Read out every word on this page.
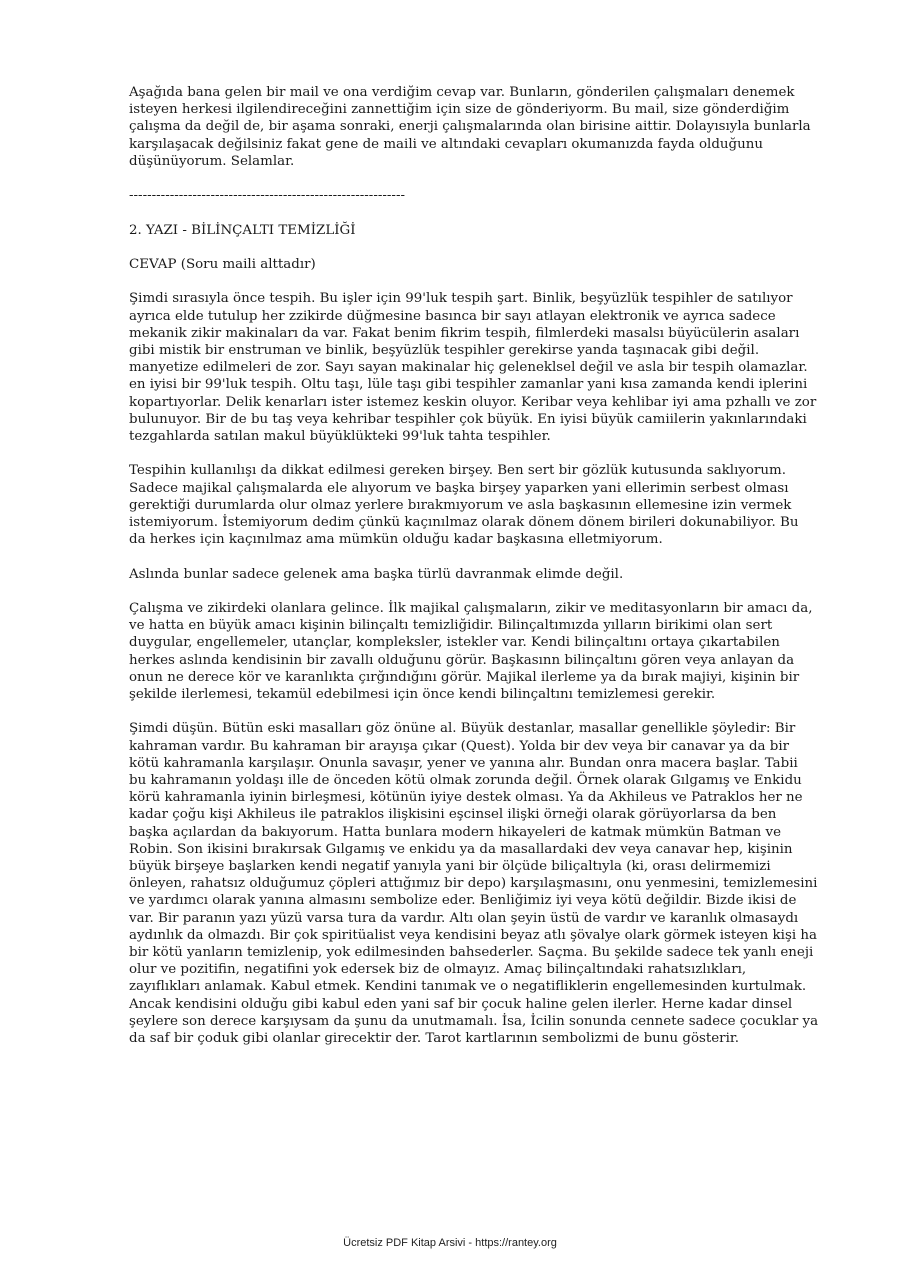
Aşağıda bana gelen bir mail ve ona verdiğim cevap var. Bunların, gönderilen çalışmaları denemek isteyen herkesi ilgilendireceğini zannettiğim için size de gönderiyorm. Bu mail, size gönderdiğim çalışma da değil de, bir aşama sonraki, enerji çalışmalarında olan birisine aittir. Dolayısıyla bunlarla karşılaşacak değilsiniz fakat gene de maili ve altındaki cevapları okumanızda fayda olduğunu düşünüyorum. Selamlar.

-------------------------------------------------------------

2. YAZI - BİLİNÇALTI TEMİZLİĞİ

CEVAP (Soru maili alttadır)

Şimdi sırasıyla önce tespih. Bu işler için 99'luk tespih şart. Binlik, beşyüzlük tespihler de satılıyor ayrıca elde tutulup her zzikirde düğmesine basınca bir sayı atlayan elektronik ve ayrıca sadece mekanik zikir makinaları da var. Fakat benim fikrim tespih, filmlerdeki masalsı büyücülerin asaları gibi mistik bir enstruman ve binlik, beşyüzlük tespihler gerekirse yanda taşınacak gibi değil. manyetize edilmeleri de zor. Sayı sayan makinalar hiç geleneklsel değil ve asla bir tespih olamazlar. en iyisi bir 99'luk tespih. Oltu taşı, lüle taşı gibi tespihler zamanlar yani kısa zamanda kendi iplerini kopartıyorlar. Delik kenarları ister istemez keskin oluyor. Keribar veya kehlibar iyi ama pzhallı ve zor bulunuyor. Bir de bu taş veya kehribar tespihler çok büyük. En iyisi büyük camiilerin yakınlarındaki tezgahlarda satılan makul büyüklükteki 99'luk tahta tespihler.

Tespihin kullanılışı da dikkat edilmesi gereken birşey. Ben sert bir gözlük kutusunda saklıyorum. Sadece majikal çalışmalarda ele alıyorum ve başka birşey yaparken yani ellerimin serbest olması gerektiği durumlarda olur olmaz yerlere bırakmıyorum ve asla başkasının ellemesine izin vermek istemiyorum. İstemiyorum dedim çünkü kaçınılmaz olarak dönem dönem birileri dokunabiliyor. Bu da herkes için kaçınılmaz ama mümkün olduğu kadar başkasına elletmiyorum.

Aslında bunlar sadece gelenek ama başka türlü davranmak elimde değil.

Çalışma ve zikirdeki olanlara gelince. İlk majikal çalışmaların, zikir ve meditasyonların bir amacı da, ve hatta en büyük amacı kişinin bilinçaltı temizliğidir. Bilinçaltımızda yılların birikimi olan sert duygular, engellemeler, utançlar, kompleksler, istekler var. Kendi bilinçaltını ortaya çıkartabilen herkes aslında kendisinin bir zavallı olduğunu görür. Başkasınn bilinçaltını gören veya anlayan da onun ne derece kör ve karanlıkta çırğındığını görür. Majikal ilerleme ya da bırak majiyi, kişinin bir şekilde ilerlemesi, tekamül edebilmesi için önce kendi bilinçaltını temizlemesi gerekir.

Şimdi düşün. Bütün eski masalları göz önüne al. Büyük destanlar, masallar genellikle şöyledir: Bir kahraman vardır. Bu kahraman bir arayışa çıkar (Quest). Yolda bir dev veya bir canavar ya da bir kötü kahramanla karşılaşır. Onunla savaşır, yener ve yanına alır. Bundan onra macera başlar. Tabii bu kahramanın yoldaşı ille de önceden kötü olmak zorunda değil. Örnek olarak Gılgamış ve Enkidu körü kahramanla iyinin birleşmesi, kötünün iyiye destek olması. Ya da Akhileus ve Patraklos her ne kadar çoğu kişi Akhileus ile patraklos ilişkisini eşcinsel ilişki örneği olarak görüyorlarsa da ben başka açılardan da bakıyorum. Hatta bunlara modern hikayeleri de katmak mümkün Batman ve Robin. Son ikisini bırakırsak Gılgamış ve enkidu ya da masallardaki dev veya canavar hep, kişinin büyük birşeye başlarken kendi negatif yanıyla yani bir ölçüde biliçaltıyla (ki, orası delirmemizi önleyen, rahatsız olduğumuz çöpleri attığımız bir depo) karşılaşmasını, onu yenmesini, temizlemesini ve yardımcı olarak yanına almasını sembolize eder. Benliğimiz iyi veya kötü değildir. Bizde ikisi de var. Bir paranın yazı yüzü varsa tura da vardır. Altı olan şeyin üstü de vardır ve karanlık olmasaydı aydınlık da olmazdı. Bir çok spiritüalist veya kendisini beyaz atlı şövalye olark görmek isteyen kişi ha bir kötü yanların temizlenip, yok edilmesinden bahsederler. Saçma. Bu şekilde sadece tek yanlı eneji olur ve pozitifin, negatifini yok edersek biz de olmayız. Amaç bilinçaltındaki rahatsızlıkları, zayıflıkları anlamak. Kabul etmek. Kendini tanımak ve o negatifliklerin engellemesinden kurtulmak. Ancak kendisini olduğu gibi kabul eden yani saf bir çocuk haline gelen ilerler. Herne kadar dinsel şeylere son derece karşıysam da şunu da unutmamalı. İsa, İcilin sonunda cennete sadece çocuklar ya da saf bir çoduk gibi olanlar girecektir der. Tarot kartlarının sembolizmi de bunu gösterir.

Ücretsiz PDF Kitap Arsivi - https://rantey.org
